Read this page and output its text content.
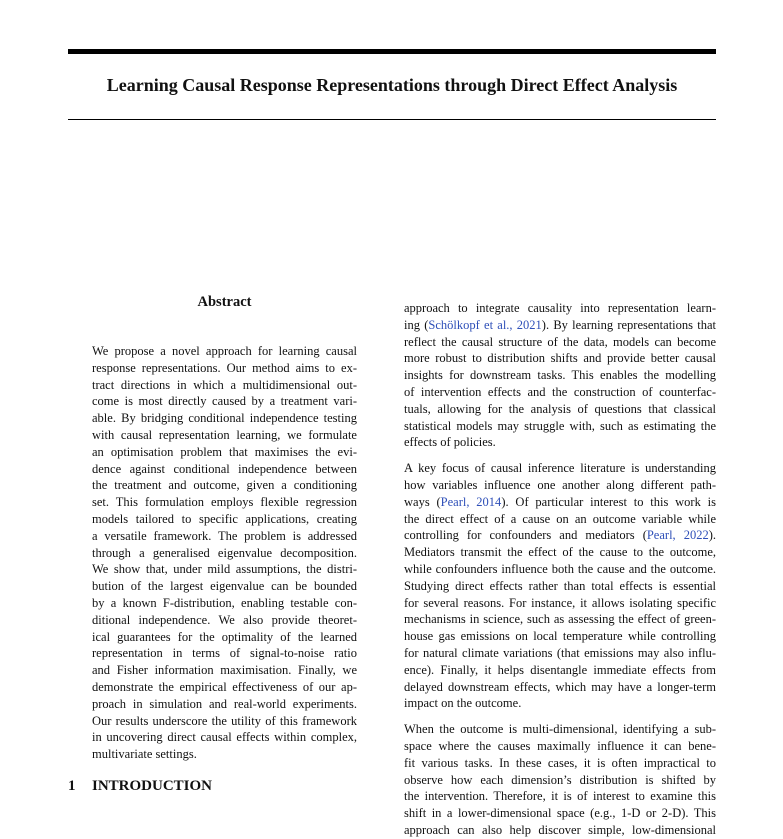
Learning Causal Response Representations through Direct Effect Analysis
Abstract
We propose a novel approach for learning causal
response representations. Our method aims to ex-
tract directions in which a multidimensional out-
come is most directly caused by a treatment vari-
able. By bridging conditional independence testing
with causal representation learning, we formulate
an optimisation problem that maximises the evi-
dence against conditional independence between
the treatment and outcome, given a conditioning
set. This formulation employs flexible regression
models tailored to specific applications, creating
a versatile framework. The problem is addressed
through a generalised eigenvalue decomposition.
We show that, under mild assumptions, the distri-
bution of the largest eigenvalue can be bounded
by a known F-distribution, enabling testable con-
ditional independence. We also provide theoret-
ical guarantees for the optimality of the learned
representation in terms of signal-to-noise ratio
and Fisher information maximisation. Finally, we
demonstrate the empirical effectiveness of our ap-
proach in simulation and real-world experiments.
Our results underscore the utility of this framework
in uncovering direct causal effects within complex,
multivariate settings.
approach to integrate causality into representation learn-
ing (Schölkopf et al., 2021). By learning representations that
reflect the causal structure of the data, models can become
more robust to distribution shifts and provide better causal
insights for downstream tasks. This enables the modelling
of intervention effects and the construction of counterfac-
tuals, allowing for the analysis of questions that classical
statistical models may struggle with, such as estimating the
effects of policies.
A key focus of causal inference literature is understanding
how variables influence one another along different path-
ways (Pearl, 2014). Of particular interest to this work is
the direct effect of a cause on an outcome variable while
controlling for confounders and mediators (Pearl, 2022).
Mediators transmit the effect of the cause to the outcome,
while confounders influence both the cause and the outcome.
Studying direct effects rather than total effects is essential
for several reasons. For instance, it allows isolating specific
mechanisms in science, such as assessing the effect of green-
house gas emissions on local temperature while controlling
for natural climate variations (that emissions may also influ-
ence). Finally, it helps disentangle immediate effects from
delayed downstream effects, which may have a longer-term
impact on the outcome.
When the outcome is multi-dimensional, identifying a sub-
space where the causes maximally influence it can bene-
fit various tasks. In these cases, it is often impractical to
observe how each dimension’s distribution is shifted by
the intervention. Therefore, it is of interest to examine this
shift in a lower-dimensional space (e.g., 1-D or 2-D). This
approach can also help discover simple, low-dimensional
1 INTRODUCTION
